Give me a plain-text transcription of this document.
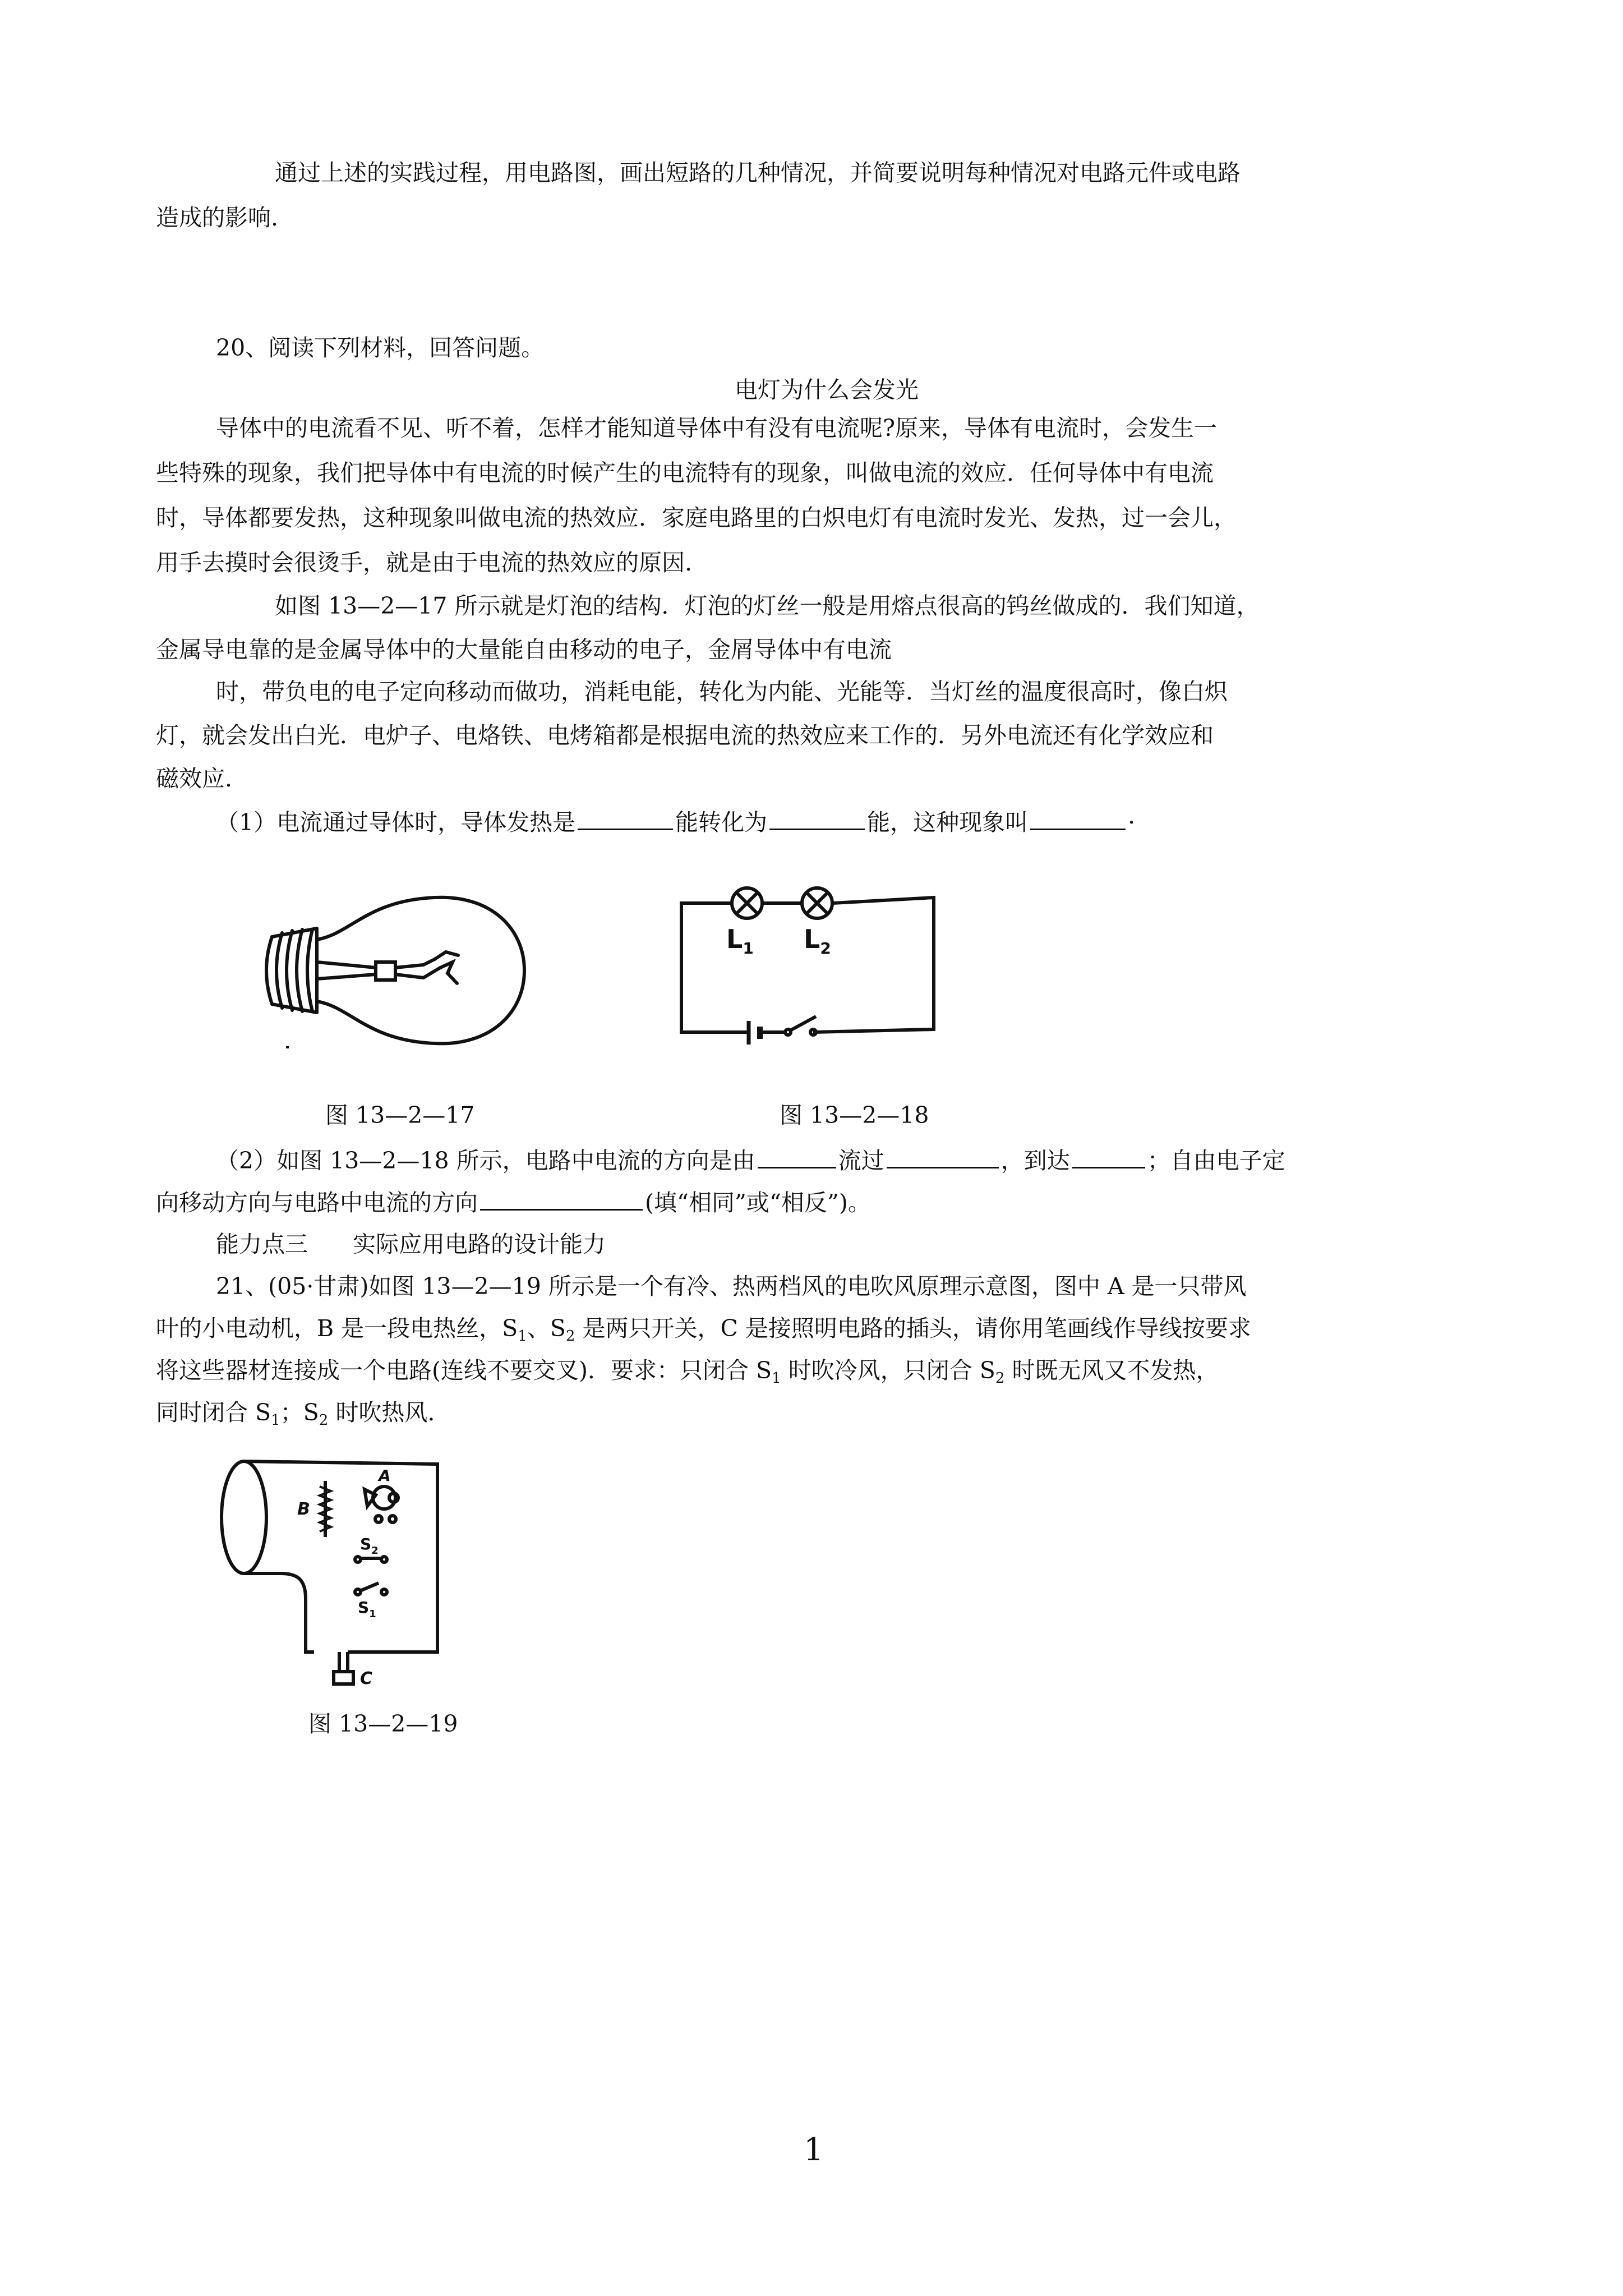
通过上述的实践过程，用电路图，画出短路的几种情况，并简要说明每种情况对电路元件或电路
造成的影响.
20、阅读下列材料，回答问题。
电灯为什么会发光
导体中的电流看不见、听不着，怎样才能知道导体中有没有电流呢?原来，导体有电流时，会发生一
些特殊的现象，我们把导体中有电流的时候产生的电流特有的现象，叫做电流的效应．任何导体中有电流
时，导体都要发热，这种现象叫做电流的热效应．家庭电路里的白炽电灯有电流时发光、发热，过一会儿，
用手去摸时会很烫手，就是由于电流的热效应的原因.
如图 13—2—17 所示就是灯泡的结构．灯泡的灯丝一般是用熔点很高的钨丝做成的．我们知道，
金属导电靠的是金属导体中的大量能自由移动的电子，金屑导体中有电流
时，带负电的电子定向移动而做功，消耗电能，转化为内能、光能等．当灯丝的温度很高时，像白炽
灯，就会发出白光．电炉子、电烙铁、电烤箱都是根据电流的热效应来工作的．另外电流还有化学效应和
磁效应.
（1）电流通过导体时，导体发热是	能转化为	能，这种现象叫	·
$L_1$ $L_2$
图 13—2—17	图 13—2—18
（2）如图 13—2—18 所示，电路中电流的方向是由	流过	，到达	；自由电子定
向移动方向与电路中电流的方向	(填“相同”或“相反”)。
能力点三 实际应用电路的设计能力
21、(05·甘肃)如图 13—2—19 所示是一个有冷、热两档风的电吹风原理示意图，图中 A 是一只带风
叶的小电动机，B 是一段电热丝，$S_1$、$S_2$ 是两只开关，C 是接照明电路的插头，请你用笔画线作导线按要求
将这些器材连接成一个电路(连线不要交叉)．要求：只闭合 $S_1$ 时吹冷风，只闭合 $S_2$ 时既无风又不发热，
同时闭合 $S_1$；$S_2$ 时吹热风.
B
A
$S_2$
$S_1$
C
图 13—2—19
1
